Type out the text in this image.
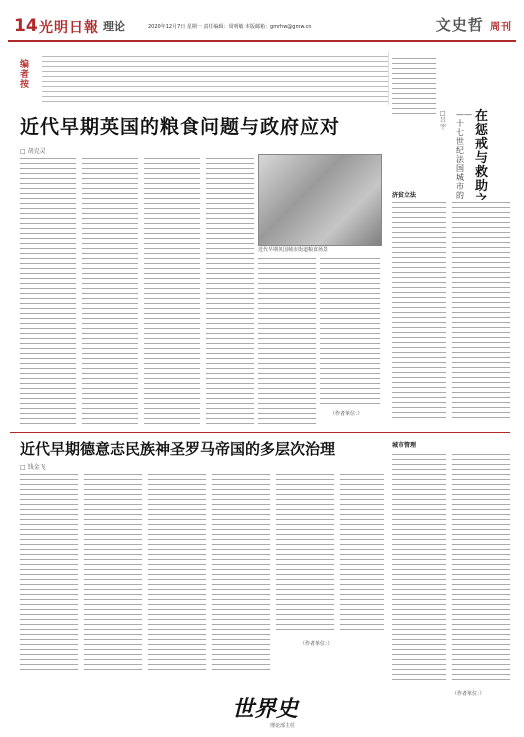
14 光明日報 理论	2020年12月7日 星期一 责任编辑：周明敏 本版邮箱：gmrhw@gmw.cn	文史哲 周刊
编者按
近代早期英国的粮食问题与政府应对
□ 胡克灵
近代早期英国城市街道粮食场景
（作者单位：）
在惩戒与救助
——十七世纪法国城市的
□ 吕宇
济贫立法
近代早期德意志民族神圣罗马帝国的多层次治理
□ 钱金飞
（作者单位：）
城市管理
（作者单位：）
世界史
理论部主任
